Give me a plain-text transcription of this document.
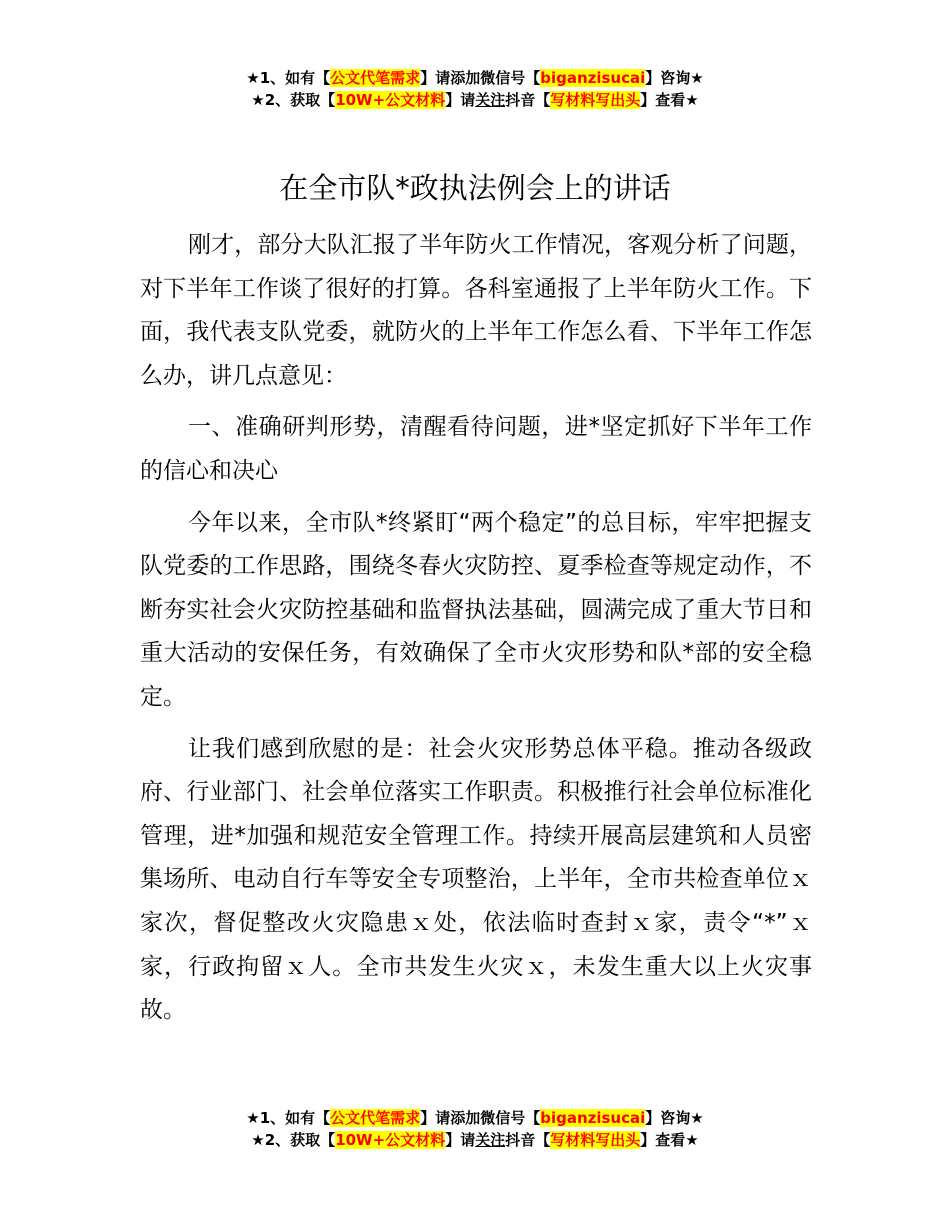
★1、如有【公文代笔需求】请添加微信号【biganzisucai】咨询★
★2、获取【10W+公文材料】请关注抖音【写材料写出头】查看★
在全市队*政执法例会上的讲话

刚才，部分大队汇报了半年防火工作情况，客观分析了问题，对下半年工作谈了很好的打算。各科室通报了上半年防火工作。下面，我代表支队党委，就防火的上半年工作怎么看、下半年工作怎么办，讲几点意见：

一、准确研判形势，清醒看待问题，进*坚定抓好下半年工作的信心和决心

今年以来，全市队*终紧盯“两个稳定”的总目标，牢牢把握支队党委的工作思路，围绕冬春火灾防控、夏季检查等规定动作，不断夯实社会火灾防控基础和监督执法基础，圆满完成了重大节日和重大活动的安保任务，有效确保了全市火灾形势和队*部的安全稳定。

让我们感到欣慰的是：社会火灾形势总体平稳。推动各级政府、行业部门、社会单位落实工作职责。积极推行社会单位标准化管理，进*加强和规范安全管理工作。持续开展高层建筑和人员密集场所、电动自行车等安全专项整治，上半年，全市共检查单位ｘ家次，督促整改火灾隐患ｘ处，依法临时查封ｘ家，责令“*”ｘ家，行政拘留ｘ人。全市共发生火灾ｘ，未发生重大以上火灾事故。

★1、如有【公文代笔需求】请添加微信号【biganzisucai】咨询★
★2、获取【10W+公文材料】请关注抖音【写材料写出头】查看★
